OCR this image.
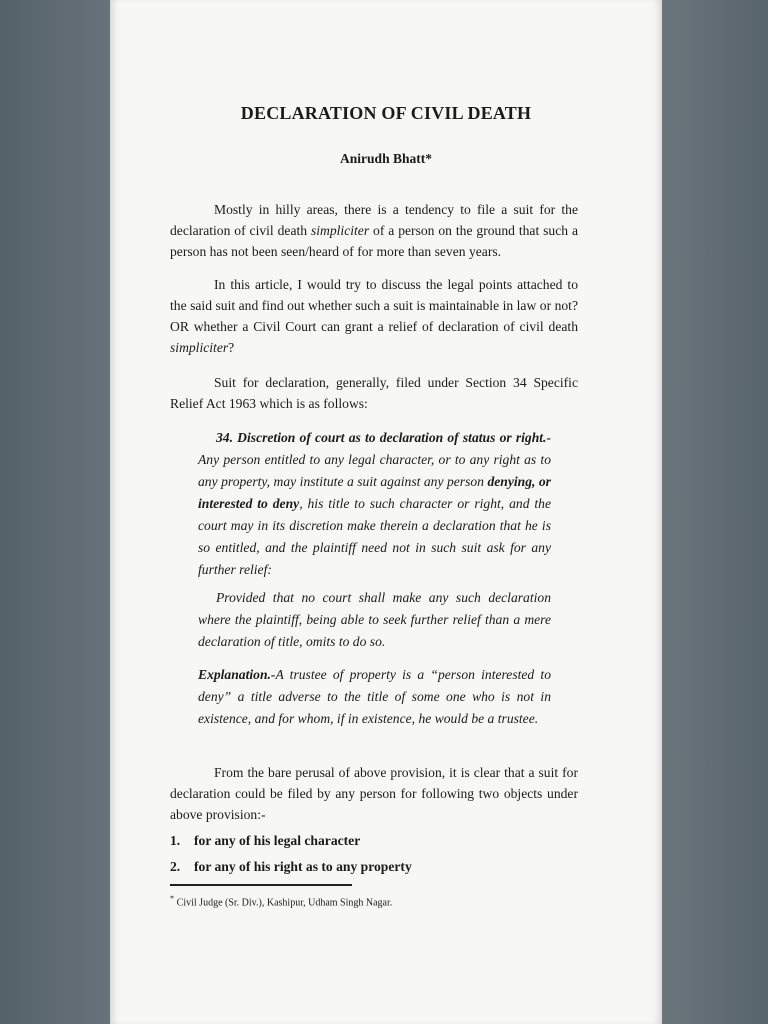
DECLARATION OF CIVIL DEATH
Anirudh Bhatt*
Mostly in hilly areas, there is a tendency to file a suit for the declaration of civil death simpliciter of a person on the ground that such a person has not been seen/heard of for more than seven years.
In this article, I would try to discuss the legal points attached to the said suit and find out whether such a suit is maintainable in law or not? OR whether a Civil Court can grant a relief of declaration of civil death simpliciter?
Suit for declaration, generally, filed under Section 34 Specific Relief Act 1963 which is as follows:
34. Discretion of court as to declaration of status or right.- Any person entitled to any legal character, or to any right as to any property, may institute a suit against any person denying, or interested to deny, his title to such character or right, and the court may in its discretion make therein a declaration that he is so entitled, and the plaintiff need not in such suit ask for any further relief:
Provided that no court shall make any such declaration where the plaintiff, being able to seek further relief than a mere declaration of title, omits to do so.
Explanation.-A trustee of property is a “person interested to deny” a title adverse to the title of some one who is not in existence, and for whom, if in existence, he would be a trustee.
From the bare perusal of above provision, it is clear that a suit for declaration could be filed by any person for following two objects under above provision:-
1. for any of his legal character
2. for any of his right as to any property
* Civil Judge (Sr. Div.), Kashipur, Udham Singh Nagar.
